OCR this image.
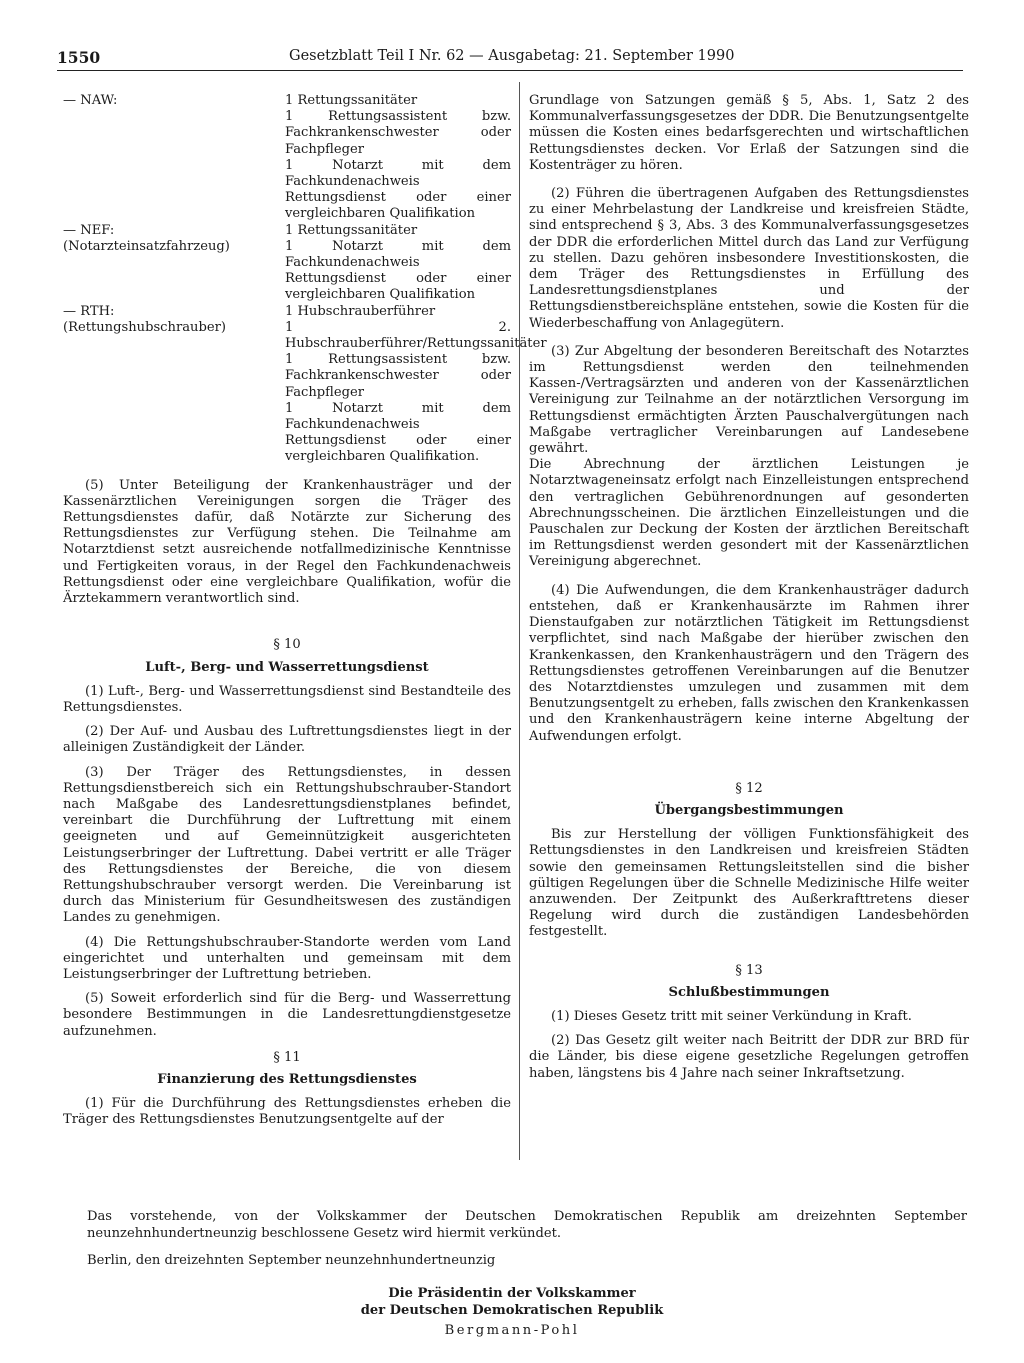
1550	Gesetzblatt Teil I Nr. 62 — Ausgabetag: 21. September 1990
— NAW:	1 Rettungssanitäter
1 Rettungsassistent bzw. Fachkrankenschwester oder Fachpfleger
1 Notarzt mit dem Fachkundenachweis Rettungsdienst oder einer vergleichbaren Qualifikation
— NEF:
(Notarzteinsatzfahrzeug)
1 Rettungssanitäter
1 Notarzt mit dem Fachkundenachweis Rettungsdienst oder einer vergleichbaren Qualifikation
— RTH:
(Rettungshubschrauber)
1 Hubschrauberführer
1 2. Hubschrauberführer/Rettungssanitäter
1 Rettungsassistent bzw. Fachkrankenschwester oder Fachpfleger
1 Notarzt mit dem Fachkundenachweis Rettungsdienst oder einer vergleichbaren Qualifikation.

(5) Unter Beteiligung der Krankenhausträger und der Kassenärztlichen Vereinigungen sorgen die Träger des Rettungsdienstes dafür, daß Notärzte zur Sicherung des Rettungsdienstes zur Verfügung stehen. Die Teilnahme am Notarztdienst setzt ausreichende notfallmedizinische Kenntnisse und Fertigkeiten voraus, in der Regel den Fachkundenachweis Rettungsdienst oder eine vergleichbare Qualifikation, wofür die Ärztekammern verantwortlich sind.

§ 10
Luft-, Berg- und Wasserrettungsdienst

(1) Luft-, Berg- und Wasserrettungsdienst sind Bestandteile des Rettungsdienstes.

(2) Der Auf- und Ausbau des Luftrettungsdienstes liegt in der alleinigen Zuständigkeit der Länder.

(3) Der Träger des Rettungsdienstes, in dessen Rettungsdienstbereich sich ein Rettungshubschrauber-Standort nach Maßgabe des Landesrettungsdienstplanes befindet, vereinbart die Durchführung der Luftrettung mit einem geeigneten und auf Gemeinnützigkeit ausgerichteten Leistungserbringer der Luftrettung. Dabei vertritt er alle Träger des Rettungsdienstes der Bereiche, die von diesem Rettungshubschrauber versorgt werden. Die Vereinbarung ist durch das Ministerium für Gesundheitswesen des zuständigen Landes zu genehmigen.

(4) Die Rettungshubschrauber-Standorte werden vom Land eingerichtet und unterhalten und gemeinsam mit dem Leistungserbringer der Luftrettung betrieben.

(5) Soweit erforderlich sind für die Berg- und Wasserrettung besondere Bestimmungen in die Landesrettungdienstgesetze aufzunehmen.

§ 11
Finanzierung des Rettungsdienstes

(1) Für die Durchführung des Rettungsdienstes erheben die Träger des Rettungsdienstes Benutzungsentgelte auf der

Grundlage von Satzungen gemäß § 5, Abs. 1, Satz 2 des Kommunalverfassungsgesetzes der DDR. Die Benutzungsentgelte müssen die Kosten eines bedarfsgerechten und wirtschaftlichen Rettungsdienstes decken. Vor Erlaß der Satzungen sind die Kostenträger zu hören.

(2) Führen die übertragenen Aufgaben des Rettungsdienstes zu einer Mehrbelastung der Landkreise und kreisfreien Städte, sind entsprechend § 3, Abs. 3 des Kommunalverfassungsgesetzes der DDR die erforderlichen Mittel durch das Land zur Verfügung zu stellen. Dazu gehören insbesondere Investitionskosten, die dem Träger des Rettungsdienstes in Erfüllung des Landesrettungsdienstplanes und der Rettungsdienstbereichspläne entstehen, sowie die Kosten für die Wiederbeschaffung von Anlagegütern.

(3) Zur Abgeltung der besonderen Bereitschaft des Notarztes im Rettungsdienst werden den teilnehmenden Kassen-/Vertragsärzten und anderen von der Kassenärztlichen Vereinigung zur Teilnahme an der notärztlichen Versorgung im Rettungsdienst ermächtigten Ärzten Pauschalvergütungen nach Maßgabe vertraglicher Vereinbarungen auf Landesebene gewährt.

Die Abrechnung der ärztlichen Leistungen je Notarztwageneinsatz erfolgt nach Einzelleistungen entsprechend den vertraglichen Gebührenordnungen auf gesonderten Abrechnungsscheinen. Die ärztlichen Einzelleistungen und die Pauschalen zur Deckung der Kosten der ärztlichen Bereitschaft im Rettungsdienst werden gesondert mit der Kassenärztlichen Vereinigung abgerechnet.

(4) Die Aufwendungen, die dem Krankenhausträger dadurch entstehen, daß er Krankenhausärzte im Rahmen ihrer Dienstaufgaben zur notärztlichen Tätigkeit im Rettungsdienst verpflichtet, sind nach Maßgabe der hierüber zwischen den Krankenkassen, den Krankenhausträgern und den Trägern des Rettungsdienstes getroffenen Vereinbarungen auf die Benutzer des Notarztdienstes umzulegen und zusammen mit dem Benutzungsentgelt zu erheben, falls zwischen den Krankenkassen und den Krankenhausträgern keine interne Abgeltung der Aufwendungen erfolgt.

§ 12
Übergangsbestimmungen

Bis zur Herstellung der völligen Funktionsfähigkeit des Rettungsdienstes in den Landkreisen und kreisfreien Städten sowie den gemeinsamen Rettungsleitstellen sind die bisher gültigen Regelungen über die Schnelle Medizinische Hilfe weiter anzuwenden. Der Zeitpunkt des Außerkrafttretens dieser Regelung wird durch die zuständigen Landesbehörden festgestellt.

§ 13
Schlußbestimmungen

(1) Dieses Gesetz tritt mit seiner Verkündung in Kraft.

(2) Das Gesetz gilt weiter nach Beitritt der DDR zur BRD für die Länder, bis diese eigene gesetzliche Regelungen getroffen haben, längstens bis 4 Jahre nach seiner Inkraftsetzung.

Das vorstehende, von der Volkskammer der Deutschen Demokratischen Republik am dreizehnten September neunzehnhundertneunzig beschlossene Gesetz wird hiermit verkündet.

Berlin, den dreizehnten September neunzehnhundertneunzig

Die Präsidentin der Volkskammer
der Deutschen Demokratischen Republik
Bergmann-Pohl
